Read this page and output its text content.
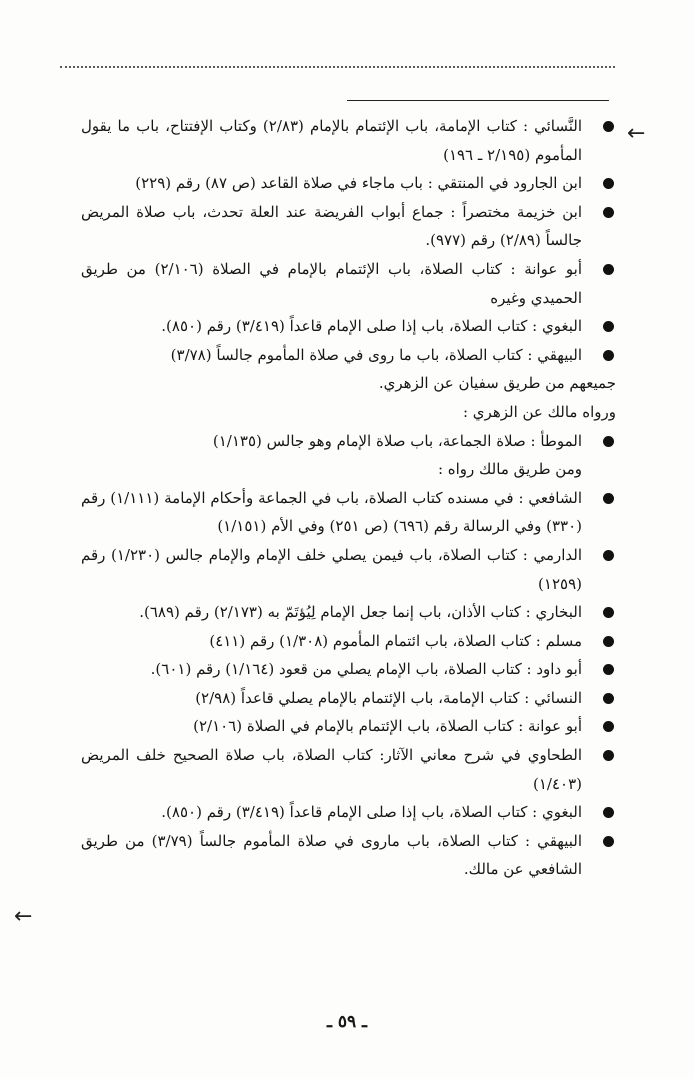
←
←
النَّسائي : كتاب الإمامة، باب الإئتمام بالإمام (٢/٨٣) وكتاب الإفتتاح، باب ما يقول المأموم (٢/١٩٥ ـ ١٩٦)
ابن الجارود في المنتقي : باب ماجاء في صلاة القاعد (ص ٨٧) رقم (٢٢٩)
ابن خزيمة مختصراً : جماع أبواب الفريضة عند العلة تحدث، باب صلاة المريض جالساً (٢/٨٩) رقم (٩٧٧).
أبو عوانة : كتاب الصلاة، باب الإئتمام بالإمام في الصلاة (٢/١٠٦) من طريق الحميدي وغيره
البغوي : كتاب الصلاة، باب إذا صلى الإمام قاعداً (٣/٤١٩) رقم (٨٥٠).
البيهقي : كتاب الصلاة، باب ما روى في صلاة المأموم جالساً (٣/٧٨)
جميعهم من طريق سفيان عن الزهري.
ورواه مالك عن الزهري :
الموطأ : صلاة الجماعة، باب صلاة الإمام وهو جالس (١/١٣٥)
ومن طريق مالك رواه :
الشافعي : في مسنده كتاب الصلاة، باب في الجماعة وأحكام الإمامة (١/١١١) رقم (٣٣٠) وفي الرسالة رقم (٦٩٦) (ص ٢٥١) وفي الأم (١/١٥١)
الدارمي : كتاب الصلاة، باب فيمن يصلي خلف الإمام والإمام جالس (١/٢٣٠) رقم (١٢٥٩)
البخاري : كتاب الأذان، باب إنما جعل الإمام لِيُؤتَمّ به (٢/١٧٣) رقم (٦٨٩).
مسلم : كتاب الصلاة، باب ائتمام المأموم (١/٣٠٨) رقم (٤١١)
أبو داود : كتاب الصلاة، باب الإمام يصلي من قعود (١/١٦٤) رقم (٦٠١).
النسائي : كتاب الإمامة، باب الإئتمام بالإمام يصلي قاعداً (٢/٩٨)
أبو عوانة : كتاب الصلاة، باب الإئتمام بالإمام في الصلاة (٢/١٠٦)
الطحاوي في شرح معاني الآثار: كتاب الصلاة، باب صلاة الصحيح خلف المريض (١/٤٠٣)
البغوي : كتاب الصلاة، باب إذا صلى الإمام قاعداً (٣/٤١٩) رقم (٨٥٠).
البيهقي : كتاب الصلاة، باب ماروى في صلاة المأموم جالساً (٣/٧٩) من طريق الشافعي عن مالك.
ـ ٥٩ ـ
